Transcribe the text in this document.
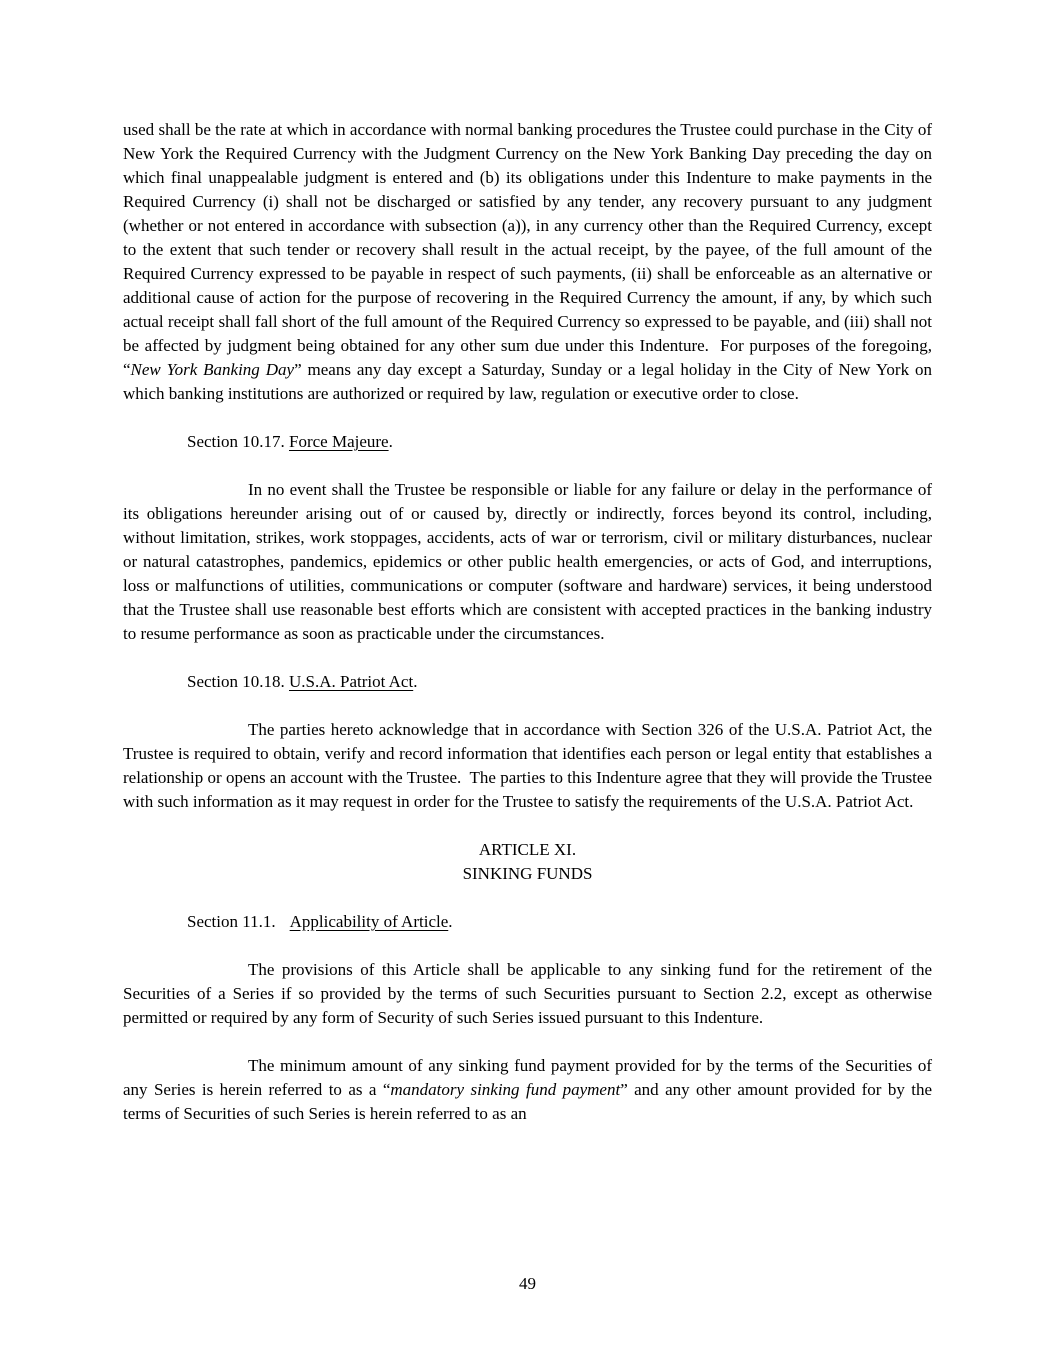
used shall be the rate at which in accordance with normal banking procedures the Trustee could purchase in the City of New York the Required Currency with the Judgment Currency on the New York Banking Day preceding the day on which final unappealable judgment is entered and (b) its obligations under this Indenture to make payments in the Required Currency (i) shall not be discharged or satisfied by any tender, any recovery pursuant to any judgment (whether or not entered in accordance with subsection (a)), in any currency other than the Required Currency, except to the extent that such tender or recovery shall result in the actual receipt, by the payee, of the full amount of the Required Currency expressed to be payable in respect of such payments, (ii) shall be enforceable as an alternative or additional cause of action for the purpose of recovering in the Required Currency the amount, if any, by which such actual receipt shall fall short of the full amount of the Required Currency so expressed to be payable, and (iii) shall not be affected by judgment being obtained for any other sum due under this Indenture.  For purposes of the foregoing, “New York Banking Day” means any day except a Saturday, Sunday or a legal holiday in the City of New York on which banking institutions are authorized or required by law, regulation or executive order to close.

Section 10.17. Force Majeure.

In no event shall the Trustee be responsible or liable for any failure or delay in the performance of its obligations hereunder arising out of or caused by, directly or indirectly, forces beyond its control, including, without limitation, strikes, work stoppages, accidents, acts of war or terrorism, civil or military disturbances, nuclear or natural catastrophes, pandemics, epidemics or other public health emergencies, or acts of God, and interruptions, loss or malfunctions of utilities, communications or computer (software and hardware) services, it being understood that the Trustee shall use reasonable best efforts which are consistent with accepted practices in the banking industry to resume performance as soon as practicable under the circumstances.

Section 10.18. U.S.A. Patriot Act.

The parties hereto acknowledge that in accordance with Section 326 of the U.S.A. Patriot Act, the Trustee is required to obtain, verify and record information that identifies each person or legal entity that establishes a relationship or opens an account with the Trustee.  The parties to this Indenture agree that they will provide the Trustee with such information as it may request in order for the Trustee to satisfy the requirements of the U.S.A. Patriot Act.

ARTICLE XI.
SINKING FUNDS

Section 11.1. Applicability of Article.

The provisions of this Article shall be applicable to any sinking fund for the retirement of the Securities of a Series if so provided by the terms of such Securities pursuant to Section 2.2, except as otherwise permitted or required by any form of Security of such Series issued pursuant to this Indenture.

The minimum amount of any sinking fund payment provided for by the terms of the Securities of any Series is herein referred to as a “mandatory sinking fund payment” and any other amount provided for by the terms of Securities of such Series is herein referred to as an

49
